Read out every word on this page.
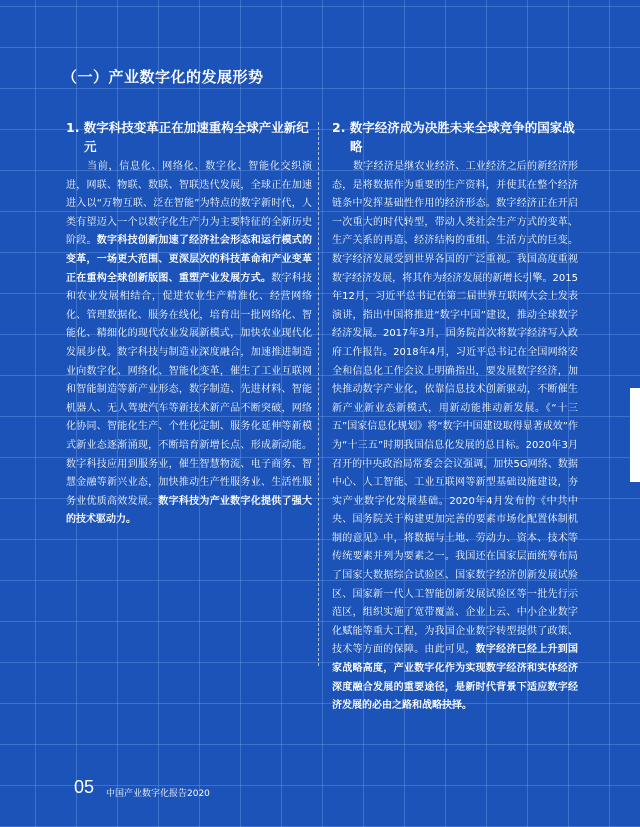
（一）产业数字化的发展形势
1. 数字科技变革正在加速重构全球产业新纪元

当前，信息化、网络化、数字化、智能化交织演进，网联、物联、数联、智联迭代发展，全球正在加速进入以“万物互联、泛在智能”为特点的数字新时代，人类有望迈入一个以数字化生产力为主要特征的全新历史阶段。数字科技创新加速了经济社会形态和运行模式的变革，一场更大范围、更深层次的科技革命和产业变革正在重构全球创新版图、重塑产业发展方式。数字科技和农业发展相结合，促进农业生产精准化、经营网络化、管理数据化、服务在线化，培育出一批网络化、智能化、精细化的现代农业发展新模式，加快农业现代化发展步伐。数字科技与制造业深度融合，加速推进制造业向数字化、网络化、智能化变革，催生了工业互联网和智能制造等新产业形态，数字制造、先进材料、智能机器人、无人驾驶汽车等新技术新产品不断突破，网络化协同、智能化生产、个性化定制、服务化延伸等新模式新业态逐渐涌现，不断培育新增长点、形成新动能。数字科技应用到服务业，催生智慧物流、电子商务、智慧金融等新兴业态，加快推动生产性服务业、生活性服务业优质高效发展。数字科技为产业数字化提供了强大的技术驱动力。

2. 数字经济成为决胜未来全球竞争的国家战略

数字经济是继农业经济、工业经济之后的新经济形态，是将数据作为重要的生产资料，并使其在整个经济链条中发挥基础性作用的经济形态。数字经济正在开启一次重大的时代转型，带动人类社会生产方式的变革、生产关系的再造、经济结构的重组、生活方式的巨变。数字经济发展受到世界各国的广泛重视。我国高度重视数字经济发展，将其作为经济发展的新增长引擎。2015年12月，习近平总书记在第二届世界互联网大会上发表演讲，指出中国将推进“数字中国”建设，推动全球数字经济发展。2017年3月，国务院首次将数字经济写入政府工作报告。2018年4月，习近平总书记在全国网络安全和信息化工作会议上明确指出，要发展数字经济，加快推动数字产业化，依靠信息技术创新驱动，不断催生新产业新业态新模式，用新动能推动新发展。《“十三五”国家信息化规划》将“数字中国建设取得显著成效”作为“十三五”时期我国信息化发展的总目标。2020年3月召开的中央政治局常委会会议强调，加快5G网络、数据中心、人工智能、工业互联网等新型基础设施建设，夯实产业数字化发展基础。2020年4月发布的《中共中央、国务院关于构建更加完善的要素市场化配置体制机制的意见》中，将数据与土地、劳动力、资本、技术等传统要素并列为要素之一。我国还在国家层面统筹布局了国家大数据综合试验区、国家数字经济创新发展试验区、国家新一代人工智能创新发展试验区等一批先行示范区，组织实施了宽带覆盖、企业上云、中小企业数字化赋能等重大工程，为我国企业数字转型提供了政策、技术等方面的保障。由此可见，数字经济已经上升到国家战略高度，产业数字化作为实现数字经济和实体经济深度融合发展的重要途径，是新时代背景下适应数字经济发展的必由之路和战略抉择。

05 中国产业数字化报告2020
